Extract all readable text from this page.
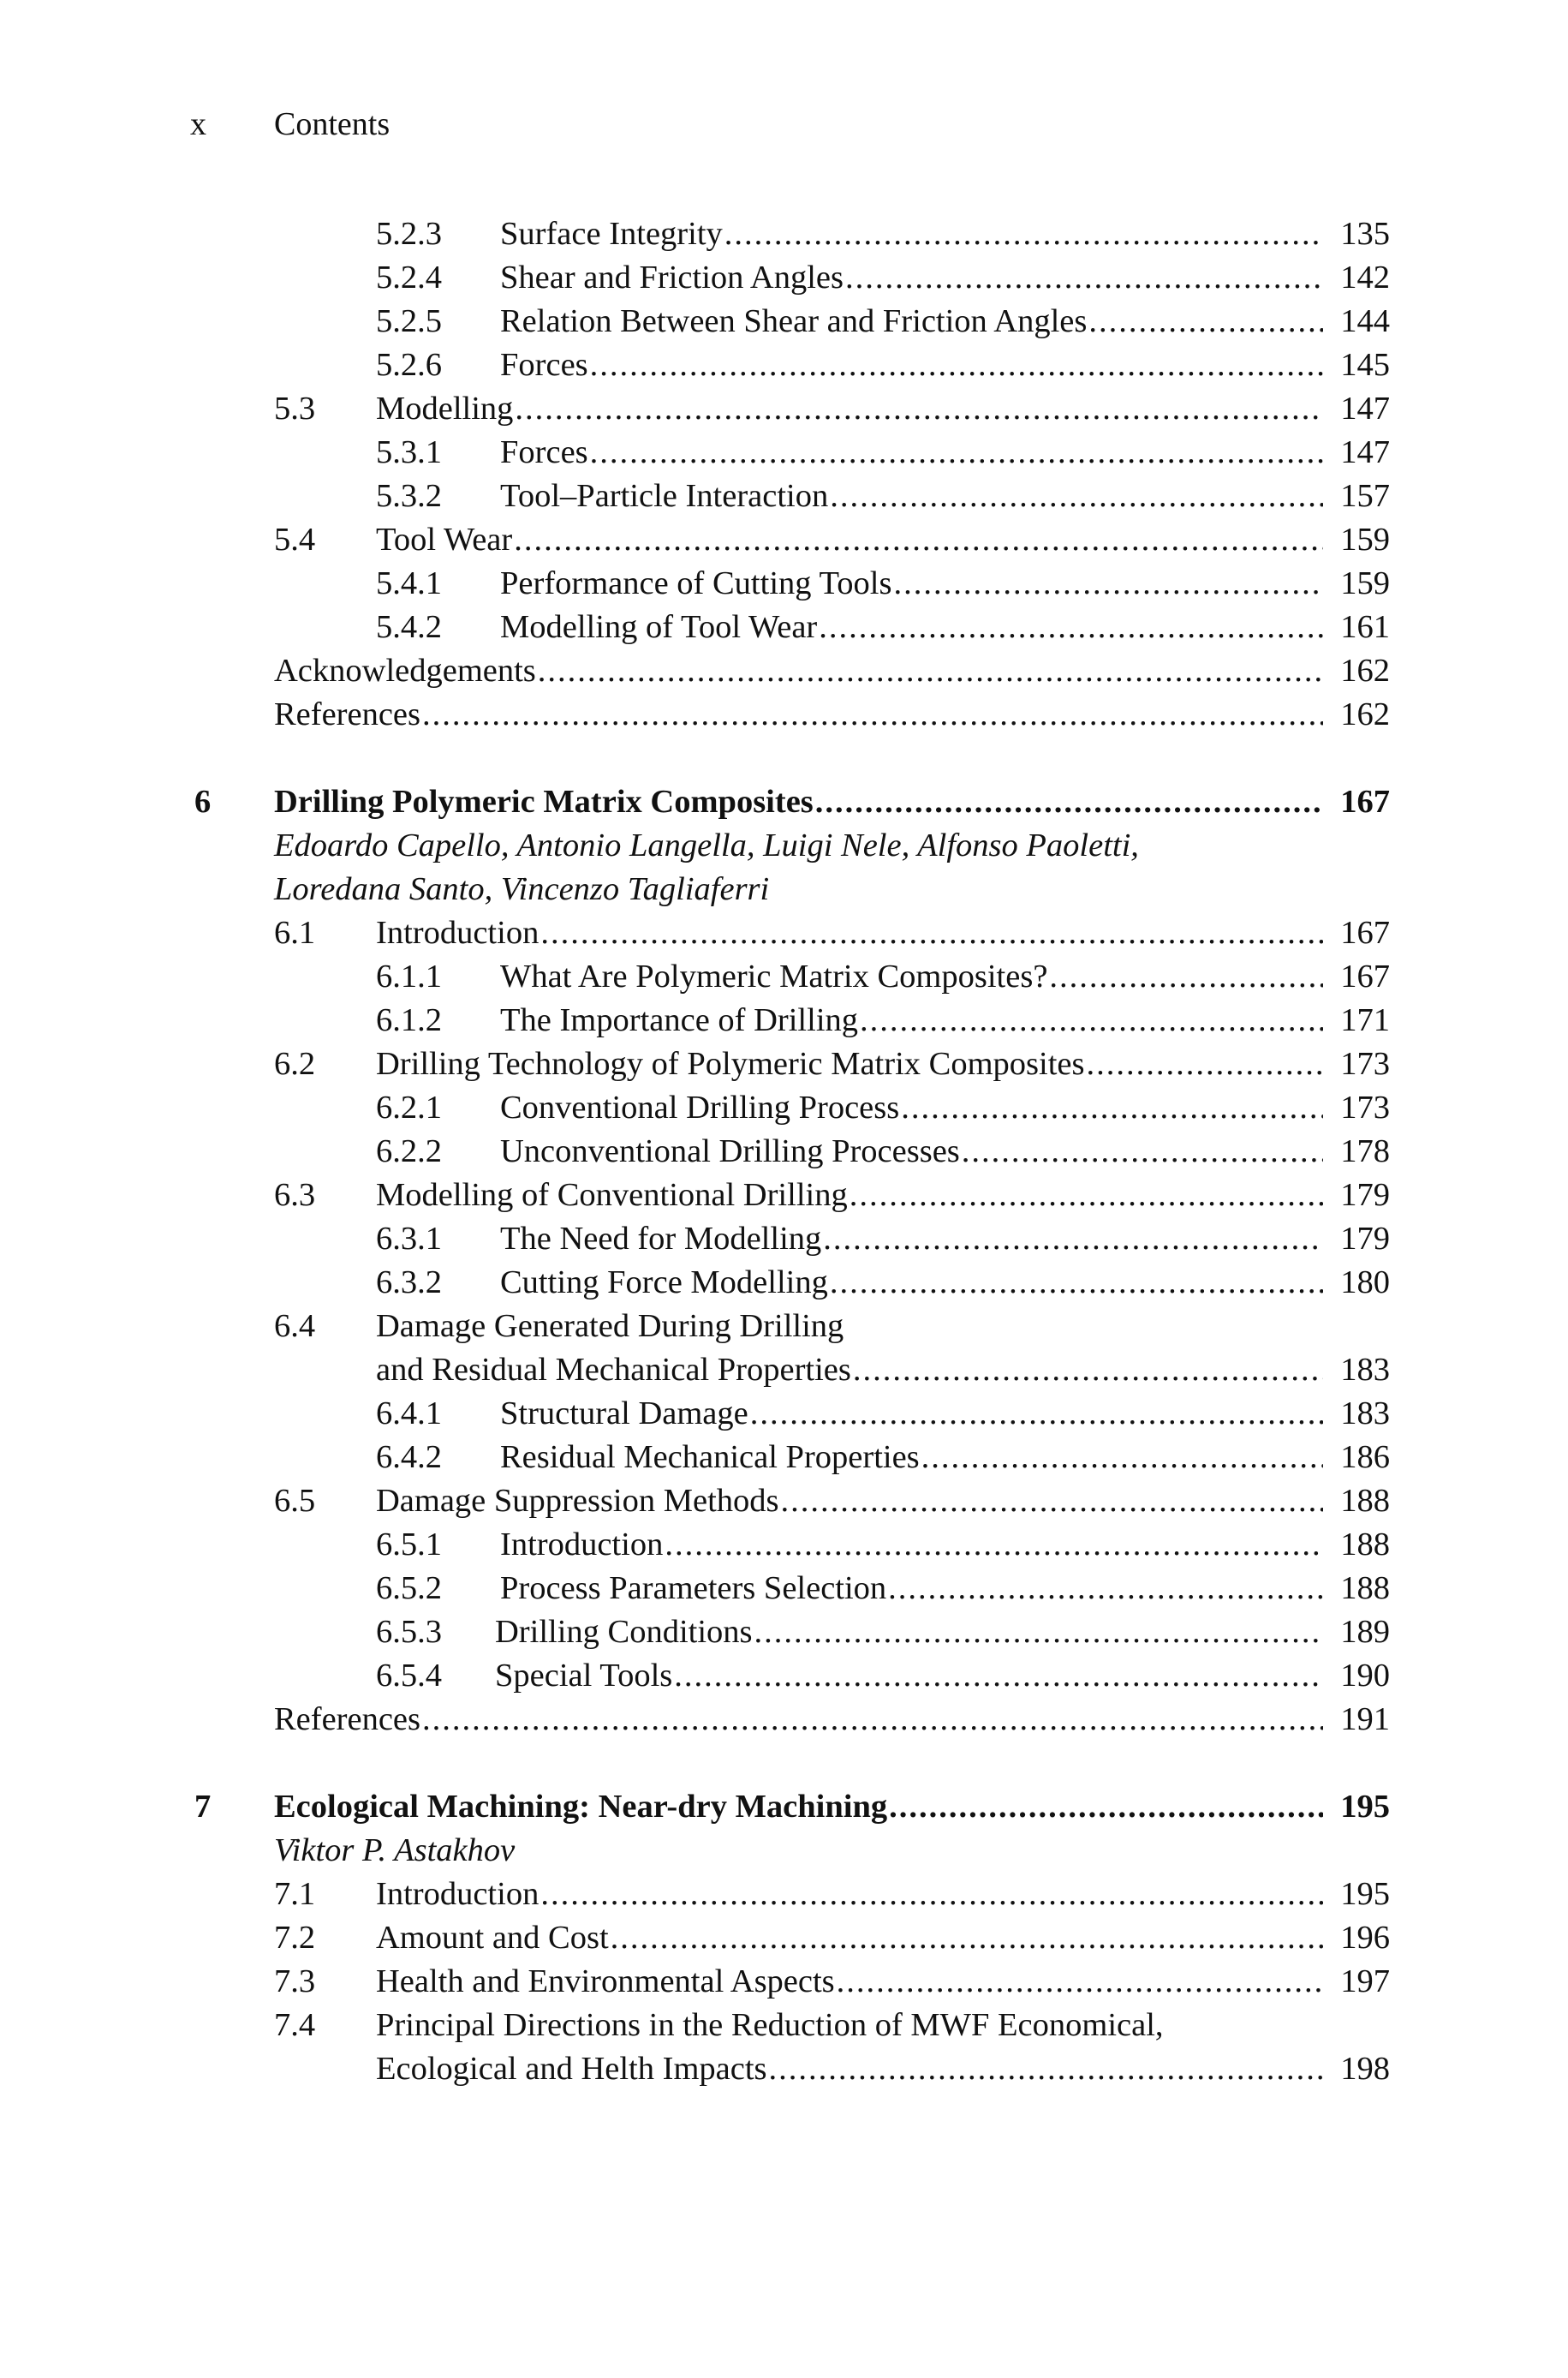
x Contents
5.2.3 Surface Integrity .....	135
5.2.4 Shear and Friction Angles .....	142
5.2.5 Relation Between Shear and Friction Angles .....	144
5.2.6 Forces .....	145
5.3 Modelling .....	147
5.3.1 Forces .....	147
5.3.2 Tool–Particle Interaction .....	157
5.4 Tool Wear .....	159
5.4.1 Performance of Cutting Tools .....	159
5.4.2 Modelling of Tool Wear .....	161
Acknowledgements .....	162
References .....	162
6 Drilling Polymeric Matrix Composites .....	167
Edoardo Capello, Antonio Langella, Luigi Nele, Alfonso Paoletti,
Loredana Santo, Vincenzo Tagliaferri
6.1 Introduction .....	167
6.1.1 What Are Polymeric Matrix Composites? .....	167
6.1.2 The Importance of Drilling .....	171
6.2 Drilling Technology of Polymeric Matrix Composites .....	173
6.2.1 Conventional Drilling Process .....	173
6.2.2 Unconventional Drilling Processes .....	178
6.3 Modelling of Conventional Drilling .....	179
6.3.1 The Need for Modelling .....	179
6.3.2 Cutting Force Modelling .....	180
6.4 Damage Generated During Drilling
and Residual Mechanical Properties .....	183
6.4.1 Structural Damage .....	183
6.4.2 Residual Mechanical Properties .....	186
6.5 Damage Suppression Methods .....	188
6.5.1 Introduction .....	188
6.5.2 Process Parameters Selection .....	188
6.5.3 Drilling Conditions .....	189
6.5.4 Special Tools .....	190
References .....	191
7 Ecological Machining: Near-dry Machining .....	195
Viktor P. Astakhov
7.1 Introduction .....	195
7.2 Amount and Cost .....	196
7.3 Health and Environmental Aspects .....	197
7.4 Principal Directions in the Reduction of MWF Economical,
Ecological and Helth Impacts .....	198
